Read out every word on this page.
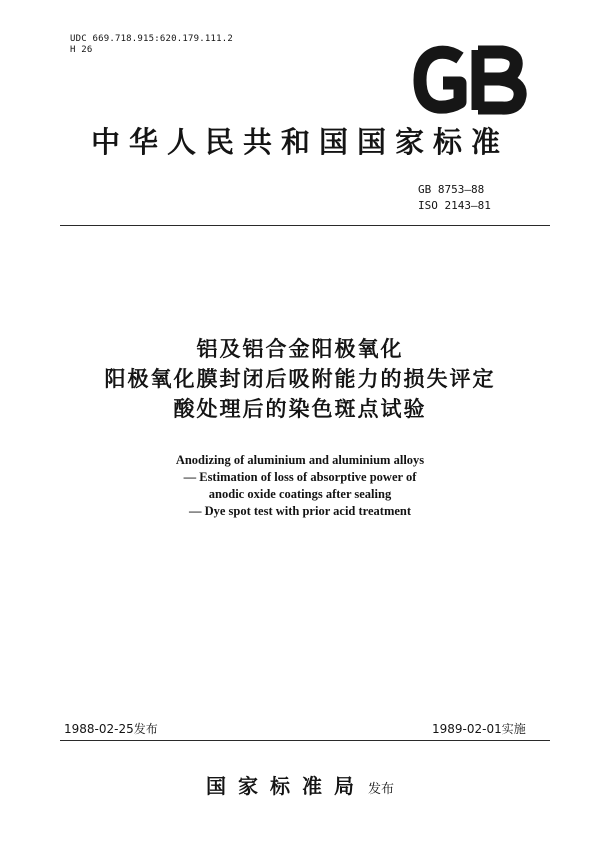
UDC 669.718.915:620.179.111.2
H 26
中华人民共和国国家标准
GB 8753—88
ISO 2143—81
铝及铝合金阳极氧化
阳极氧化膜封闭后吸附能力的损失评定
酸处理后的染色斑点试验
Anodizing of aluminium and aluminium alloys
— Estimation of loss of absorptive power of
anodic oxide coatings after sealing
— Dye spot test with prior acid treatment
1988-02-25发布	1989-02-01实施
国家标准局 发布
